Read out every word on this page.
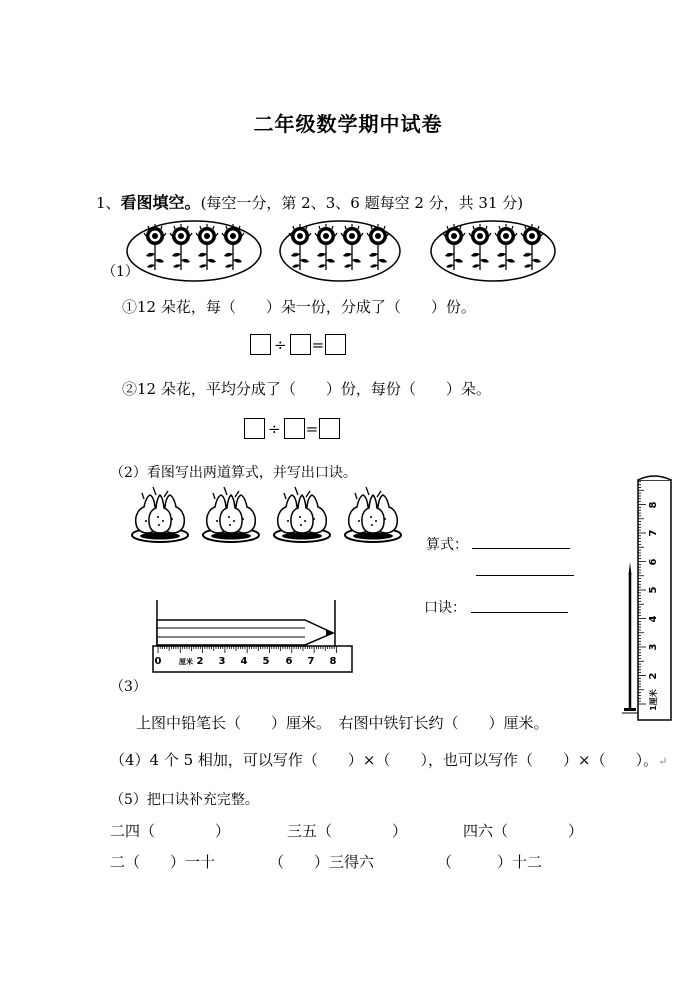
二年级数学期中试卷
1、看图填空。(每空一分，第 2、3、6 题每空 2 分，共 31 分)
（1）
①12 朵花，每（　　）朵一份，分成了（　　）份。
÷ =
②12 朵花，平均分成了（　　）份，每份（　　）朵。
÷ =
（2）看图写出两道算式，并写出口诀。
算式：
口诀：
0	厘米 2 3 4 5 6 7 8
1厘米
2
3
4
5
6
7
8
（3）
上图中铅笔长（　　）厘米。　右图中铁钉长约（　　）厘米。
（4）4 个 5 相加，可以写作（　　）×（　　），也可以写作（　　）×（　　）。↵
（5）把口诀补充完整。
二四（　　　　）	三五（　　　　）	四六（　　　　）
二（　　）一十	（　　）三得六	（　　　）十二
